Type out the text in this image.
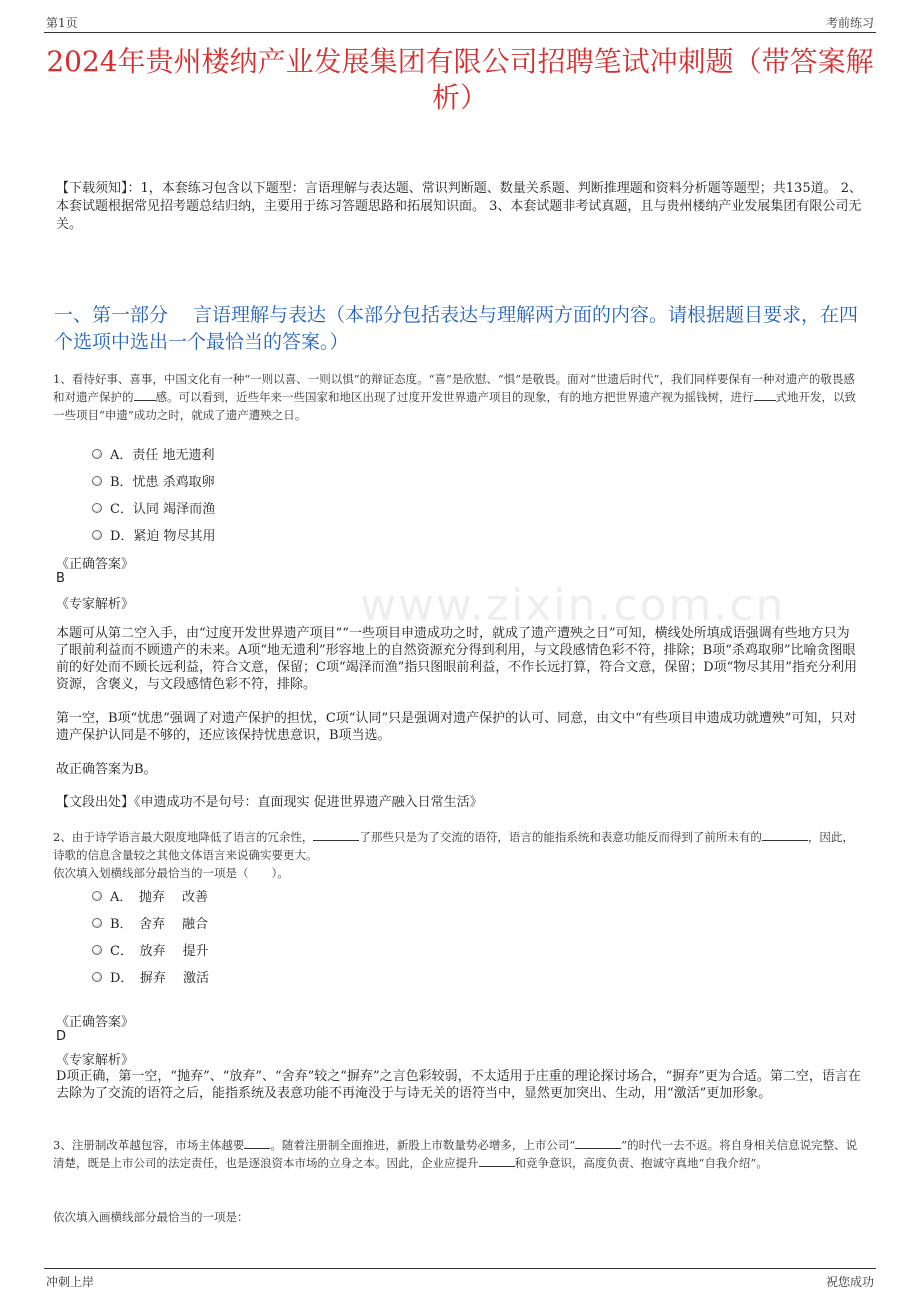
第1页	考前练习
www.zixin.com.cn
2024年贵州楼纳产业发展集团有限公司招聘笔试冲刺题（带答案解析）
【下载须知】：1，本套练习包含以下题型：言语理解与表达题、常识判断题、数量关系题、判断推理题和资料分析题等题型；共135道。 2、本套试题根据常见招考题总结归纳，主要用于练习答题思路和拓展知识面。 3、本套试题非考试真题，且与贵州楼纳产业发展集团有限公司无关。
一、第一部分　 言语理解与表达（本部分包括表达与理解两方面的内容。请根据题目要求，在四个选项中选出一个最恰当的答案。）
1、看待好事、喜事，中国文化有一种“一则以喜、一则以惧”的辩证态度。“喜”是欣慰、“惧”是敬畏。面对“世遗后时代”，我们同样要保有一种对遗产的敬畏感和对遗产保护的 感。可以看到，近些年来一些国家和地区出现了过度开发世界遗产项目的现象，有的地方把世界遗产视为摇钱树，进行 式地开发，以致一些项目“申遗”成功之时，就成了遗产遭殃之日。
A．责任 地无遗利
B．忧患 杀鸡取卵
C．认同 竭泽而渔
D．紧迫 物尽其用
《正确答案》
B
《专家解析》
本题可从第二空入手，由“过度开发世界遗产项目”“一些项目申遗成功之时，就成了遗产遭殃之日”可知，横线处所填成语强调有些地方只为了眼前利益而不顾遗产的未来。A项“地无遗利”形容地上的自然资源充分得到利用，与文段感情色彩不符，排除；B项“杀鸡取卵”比喻贪图眼前的好处而不顾长远利益，符合文意，保留；C项“竭泽而渔”指只图眼前利益，不作长远打算，符合文意，保留；D项“物尽其用”指充分利用资源，含褒义，与文段感情色彩不符，排除。
第一空，B项“忧患”强调了对遗产保护的担忧，C项“认同”只是强调对遗产保护的认可、同意，由文中“有些项目申遗成功就遭殃”可知，只对遗产保护认同是不够的，还应该保持忧患意识，B项当选。
故正确答案为B。
【文段出处】《申遗成功不是句号：直面现实 促进世界遗产融入日常生活》
2、由于诗学语言最大限度地降低了语言的冗余性，	了那些只是为了交流的语符，语言的能指系统和表意功能反而得到了前所未有的	，因此，诗歌的信息含量较之其他文体语言来说确实要更大。
依次填入划横线部分最恰当的一项是（　　）。
A．　抛弃　 改善
B．　舍弃　 融合
C．　放弃　 提升
D．　摒弃　 激活
《正确答案》
D
《专家解析》
D项正确，第一空，“抛弃”、“放弃”、“舍弃”较之“摒弃”之言色彩较弱，不太适用于庄重的理论探讨场合，“摒弃”更为合适。第二空，语言在去除为了交流的语符之后，能指系统及表意功能不再淹没于与诗无关的语符当中，显然更加突出、生动，用“激活”更加形象。
3、注册制改革越包容，市场主体越要 。随着注册制全面推进，新股上市数量势必增多，上市公司“	”的时代一去不返。将自身相关信息说完整、说清楚，既是上市公司的法定责任，也是逐浪资本市场的立身之本。因此，企业应提升	和竞争意识，高度负责、抱诚守真地“自我介绍”。
依次填入画横线部分最恰当的一项是：
冲刺上岸	祝您成功
